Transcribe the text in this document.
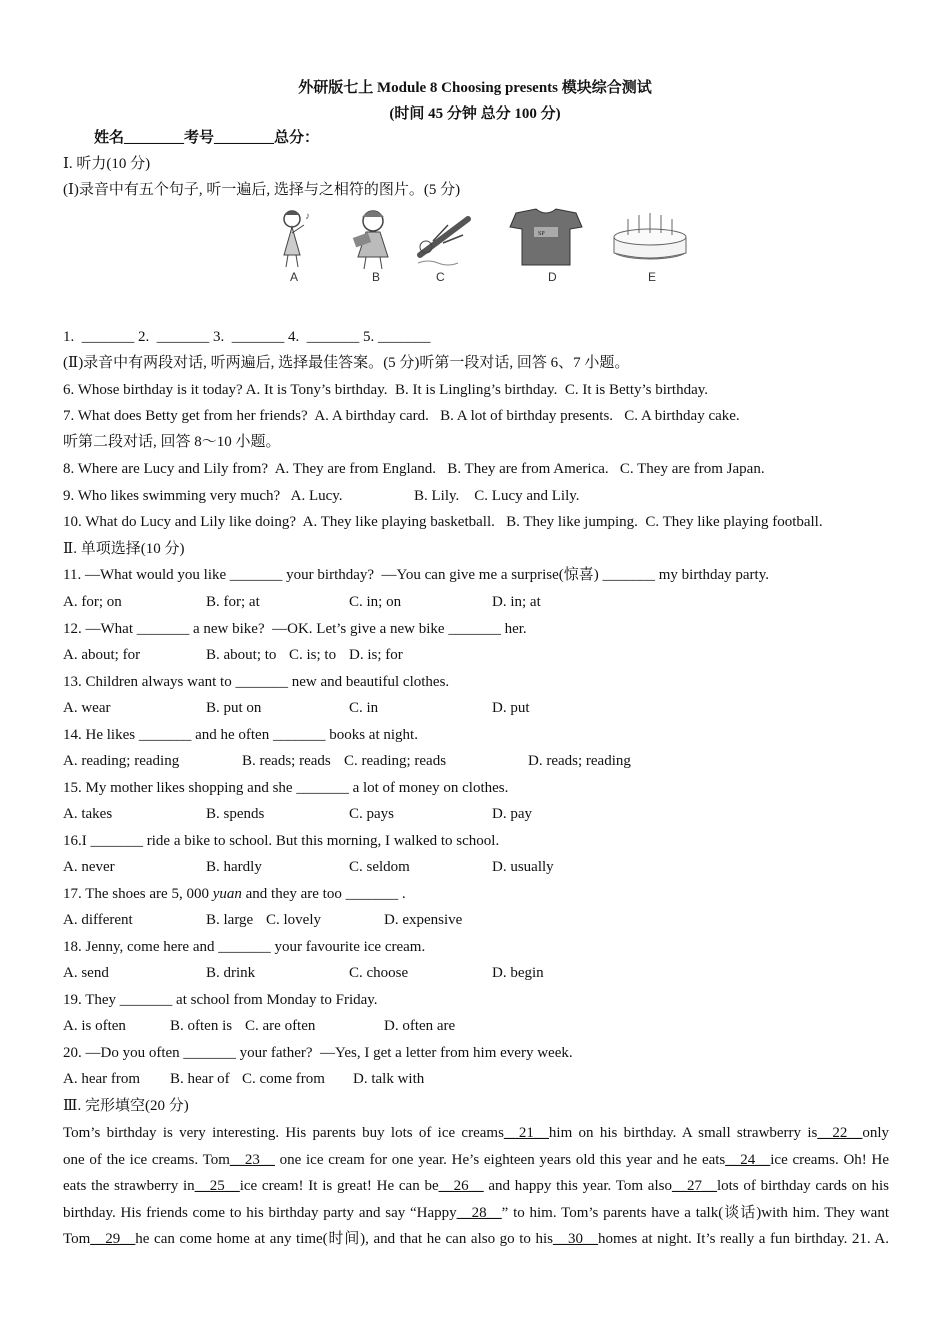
外研版七上 Module 8 Choosing presents 模块综合测试
(时间 45 分钟 总分 100 分)
姓名________考号________总分：
Ⅰ. 听力(10 分)
(Ⅰ)录音中有五个句子, 听一遍后, 选择与之相符的图片。(5 分)
♪
SP
A	B	C	D	E
1.  _______ 2.  _______ 3.  _______ 4.  _______ 5. _______
(Ⅱ)录音中有两段对话, 听两遍后, 选择最佳答案。(5 分)听第一段对话, 回答 6、7 小题。
6. Whose birthday is it today? A. It is Tony’s birthday.  B. It is Lingling’s birthday.  C. It is Betty’s birthday.
7. What does Betty get from her friends?  A. A birthday card.   B. A lot of birthday presents.   C. A birthday cake.
听第二段对话, 回答 8～10 小题。
8. Where are Lucy and Lily from?  A. They are from England.   B. They are from America.   C. They are from Japan.
9. Who likes swimming very much?   A. Lucy.	B. Lily.    C. Lucy and Lily.
10. What do Lucy and Lily like doing?  A. They like playing basketball.   B. They like jumping.  C. They like playing football.
Ⅱ. 单项选择(10 分)
11. —What would you like _______ your birthday?  —You can give me a surprise(惊喜) _______ my birthday party.
A. for; on	B. for; at	C. in; on	D. in; at
12. —What _______ a new bike?  —OK. Let’s give a new bike _______ her.
A. about; for	B. about; to C. is; to D. is; for
13. Children always want to _______ new and beautiful clothes.
A. wear	B. put on	C. in	D. put
14. He likes _______ and he often _______ books at night.
A. reading; reading	B. reads; reads C. reading; reads	D. reads; reading
15. My mother likes shopping and she _______ a lot of money on clothes.
A. takes	B. spends	C. pays	D. pay
16.I _______ ride a bike to school. But this morning, I walked to school.
A. never	B. hardly	C. seldom	D. usually
17. The shoes are 5, 000 yuan and they are too _______ .
A. different	B. large C. lovely	D. expensive
18. Jenny, come here and _______ your favourite ice cream.
A. send	B. drink	C. choose	D. begin
19. They _______ at school from Monday to Friday.
A. is often	B. often is C. are often	D. often are
20. —Do you often _______ your father?  —Yes, I get a letter from him every week.
A. hear from B. hear of C. come from D. talk with
Ⅲ. 完形填空(20 分)
Tom’s birthday is very interesting. His parents buy lots of ice creams__21__him on his birthday. A small strawberry is__22__only
one of the ice creams. Tom__23__ one ice cream for one year. He’s eighteen years old this year and he eats__24__ice creams. Oh! He
eats the strawberry in__25__ice cream! It is great! He can be__26__ and happy this year. Tom also__27__lots of birthday cards on his
birthday. His friends come to his birthday party and say “Happy__28__” to him. Tom’s parents have a talk(谈话)with him. They want
Tom__29__he can come home at any time(时间), and that he can also go to his__30__homes at night. It’s really a fun birthday. 21. A.
